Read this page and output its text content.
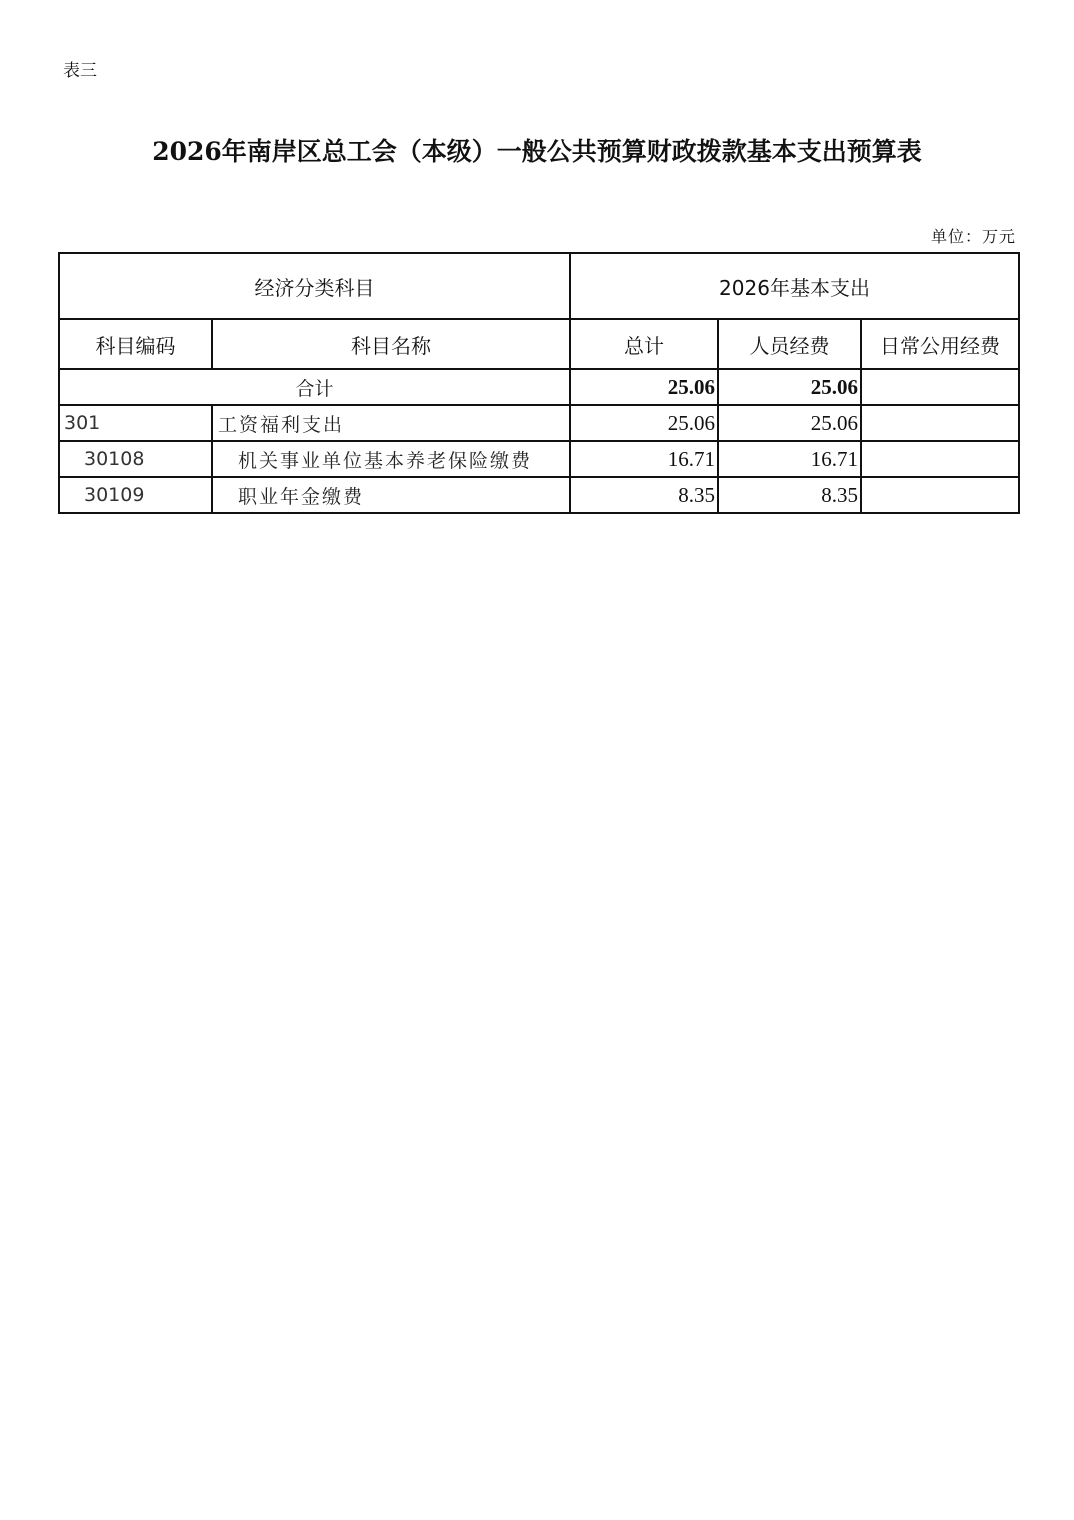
表三
2026年南岸区总工会（本级）一般公共预算财政拨款基本支出预算表
单位：万元
经济分类科目		2026年基本支出		
科目编码	科目名称	总计	人员经费	日常公用经费
合计		25.06	25.06	
301	工资福利支出	25.06	25.06	
30108	机关事业单位基本养老保险缴费	16.71	16.71	
30109	职业年金缴费	8.35	8.35	
